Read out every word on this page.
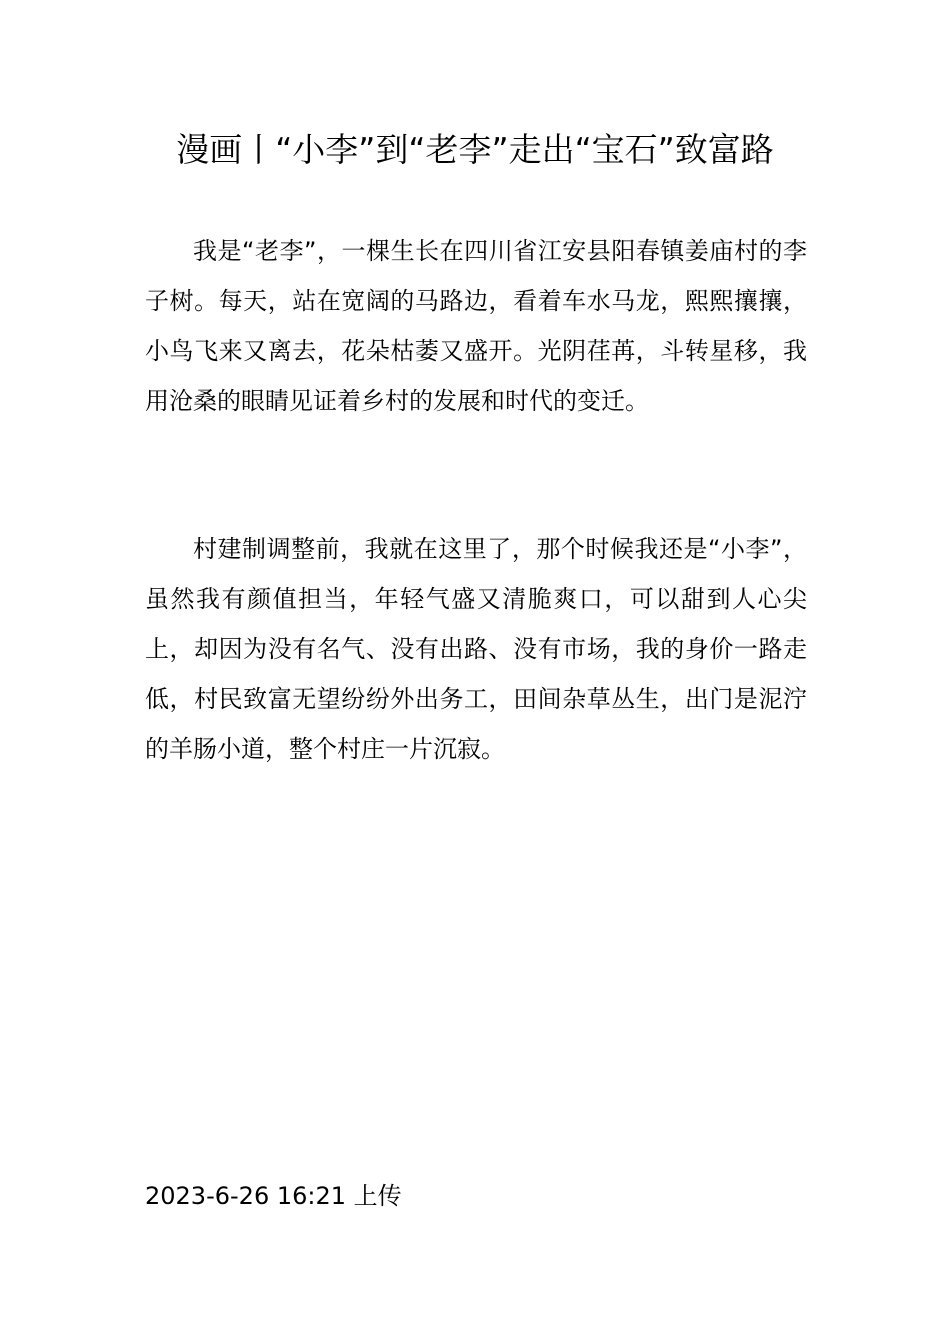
漫画丨“小李”到“老李”走出“宝石”致富路

我是“老李”，一棵生长在四川省江安县阳春镇姜庙村的李子树。每天，站在宽阔的马路边，看着车水马龙，熙熙攘攘，小鸟飞来又离去，花朵枯萎又盛开。光阴荏苒，斗转星移，我用沧桑的眼睛见证着乡村的发展和时代的变迁。

村建制调整前，我就在这里了，那个时候我还是“小李”，虽然我有颜值担当，年轻气盛又清脆爽口，可以甜到人心尖上，却因为没有名气、没有出路、没有市场，我的身价一路走低，村民致富无望纷纷外出务工，田间杂草丛生，出门是泥泞的羊肠小道，整个村庄一片沉寂。

2023-6-26 16:21 上传
